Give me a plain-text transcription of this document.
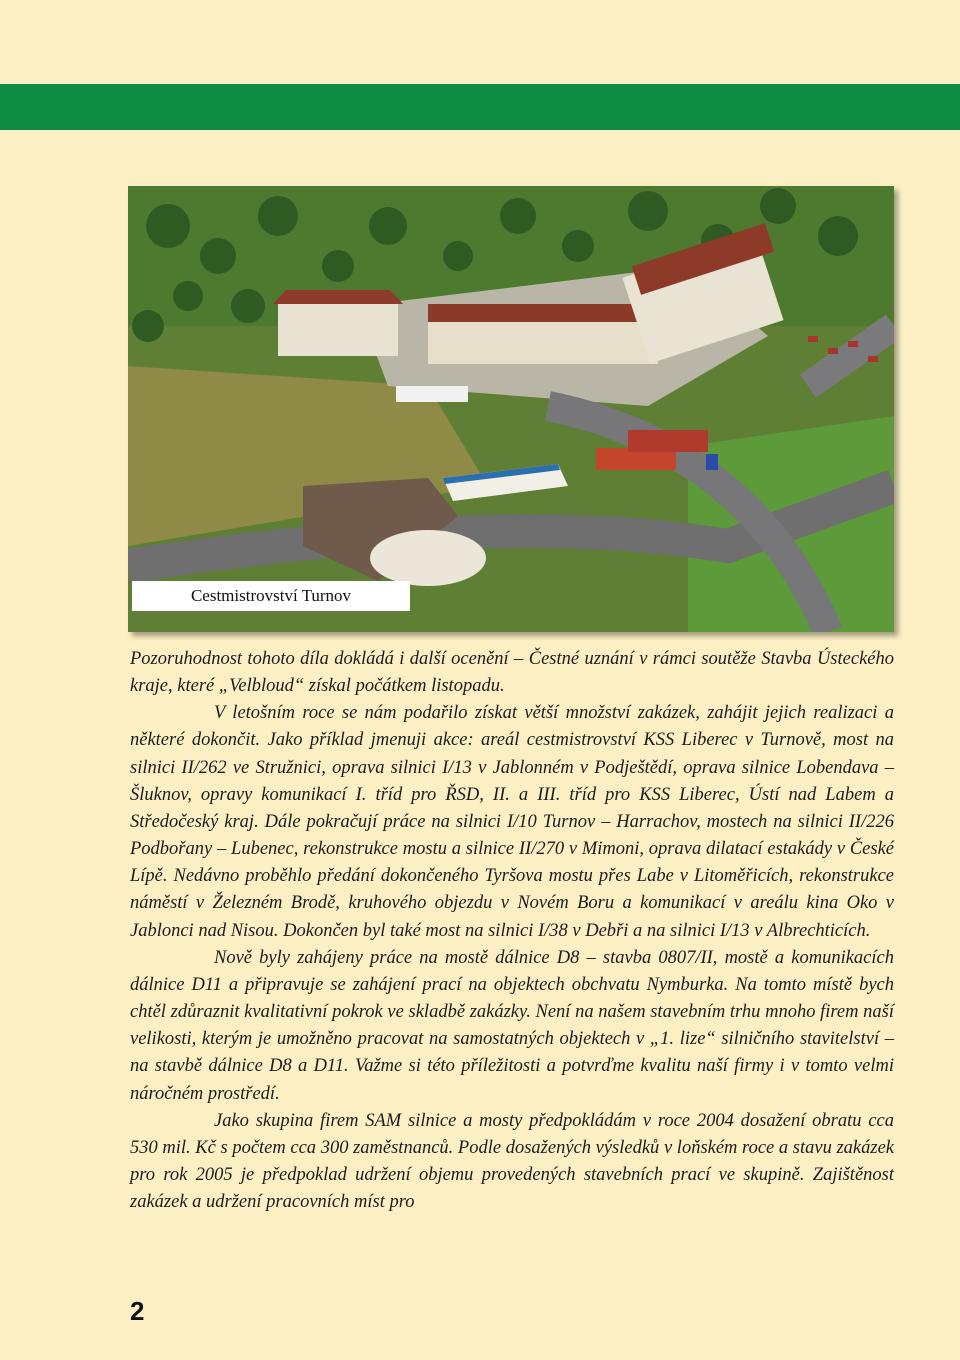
Cestmistrovství Turnov

Pozoruhodnost tohoto díla dokládá i další ocenění – Čestné uznání v rámci soutěže Stavba Ústeckého kraje, které „Velbloud“ získal počátkem listopadu.

V letošním roce se nám podařilo získat větší množství zakázek, zahájit jejich realizaci a některé dokončit. Jako příklad jmenuji akce: areál cestmistrovství KSS Liberec v Turnově, most na silnici II/262 ve Stružnici, oprava silnici I/13 v Jablonném v Podještědí, oprava silnice Lobendava – Šluknov, opravy komunikací I. tříd pro ŘSD, II. a III. tříd pro KSS Liberec, Ústí nad Labem a Středočeský kraj. Dále pokračují práce na silnici I/10 Turnov – Harrachov, mostech na silnici II/226 Podbořany – Lubenec, rekonstrukce mostu a silnice II/270 v Mimoni, oprava dilatací estakády v České Lípě. Nedávno proběhlo předání dokončeného Tyršova mostu přes Labe v Litoměřicích, rekonstrukce náměstí v Železném Brodě, kruhového objezdu v Novém Boru a komunikací v areálu kina Oko v Jablonci nad Nisou. Dokončen byl také most na silnici I/38 v Debři a na silnici I/13 v Albrechticích.

Nově byly zahájeny práce na mostě dálnice D8 – stavba 0807/II, mostě a komunikacích dálnice D11 a připravuje se zahájení prací na objektech obchvatu Nymburka. Na tomto místě bych chtěl zdůraznit kvalitativní pokrok ve skladbě zakázky. Není na našem stavebním trhu mnoho firem naší velikosti, kterým je umožněno pracovat na samostatných objektech v „1. lize“ silničního stavitelství – na stavbě dálnice D8 a D11. Važme si této příležitosti a potvrďme kvalitu naší firmy i v tomto velmi náročném prostředí.

Jako skupina firem SAM silnice a mosty předpokládám v roce 2004 dosažení obratu cca 530 mil. Kč s počtem cca 300 zaměstnanců. Podle dosažených výsledků v loňském roce a stavu zakázek pro rok 2005 je předpoklad udržení objemu provedených stavebních prací ve skupině. Zajištěnost zakázek a udržení pracovních míst pro

2
